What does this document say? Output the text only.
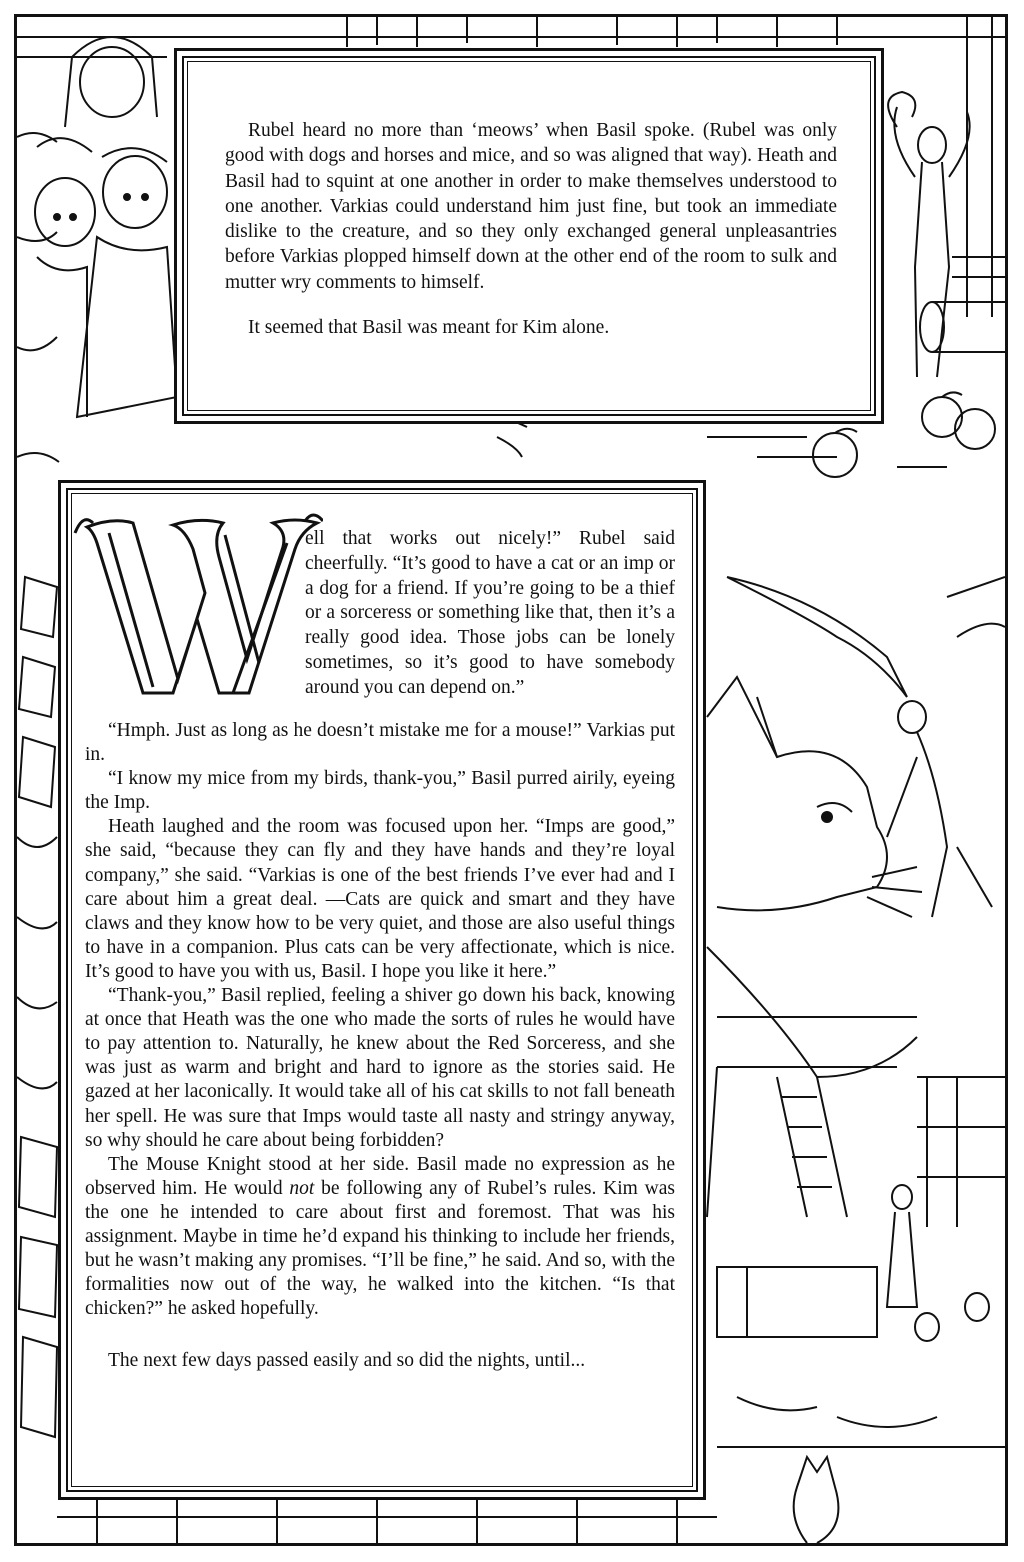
Rubel heard no more than ‘meows’ when Basil spoke. (Rubel was only good with dogs and horses and mice, and so was aligned that way). Heath and Basil had to squint at one another in order to make themselves understood to one another. Varkias could understand him just fine, but took an immediate dislike to the creature, and so they only exchanged general unpleasantries before Varkias plopped himself down at the other end of the room to sulk and mutter wry comments to himself.

It seemed that Basil was meant for Kim alone.

W

ell that works out nicely!” Rubel said cheerfully. “It’s good to have a cat or an imp or a dog for a friend. If you’re going to be a thief or a sorceress or something like that, then it’s a really good idea. Those jobs can be lonely sometimes, so it’s good to have somebody around you can depend on.”

“Hmph. Just as long as he doesn’t mistake me for a mouse!” Varkias put in.

“I know my mice from my birds, thank-you,” Basil purred airily, eyeing the Imp.

Heath laughed and the room was focused upon her. “Imps are good,” she said, “because they can fly and they have hands and they’re loyal company,” she said. “Varkias is one of the best friends I’ve ever had and I care about him a great deal. —Cats are quick and smart and they have claws and they know how to be very quiet, and those are also useful things to have in a companion. Plus cats can be very affectionate, which is nice. It’s good to have you with us, Basil. I hope you like it here.”

“Thank-you,” Basil replied, feeling a shiver go down his back, knowing at once that Heath was the one who made the sorts of rules he would have to pay attention to. Naturally, he knew about the Red Sorceress, and she was just as warm and bright and hard to ignore as the stories said. He gazed at her laconically. It would take all of his cat skills to not fall beneath her spell. He was sure that Imps would taste all nasty and stringy anyway, so why should he care about being forbidden?

The Mouse Knight stood at her side. Basil made no expression as he observed him. He would not be following any of Rubel’s rules. Kim was the one he intended to care about first and foremost. That was his assignment. Maybe in time he’d expand his thinking to include her friends, but he wasn’t making any promises. “I’ll be fine,” he said. And so, with the formalities now out of the way, he walked into the kitchen. “Is that chicken?” he asked hopefully.

The next few days passed easily and so did the nights, until...
